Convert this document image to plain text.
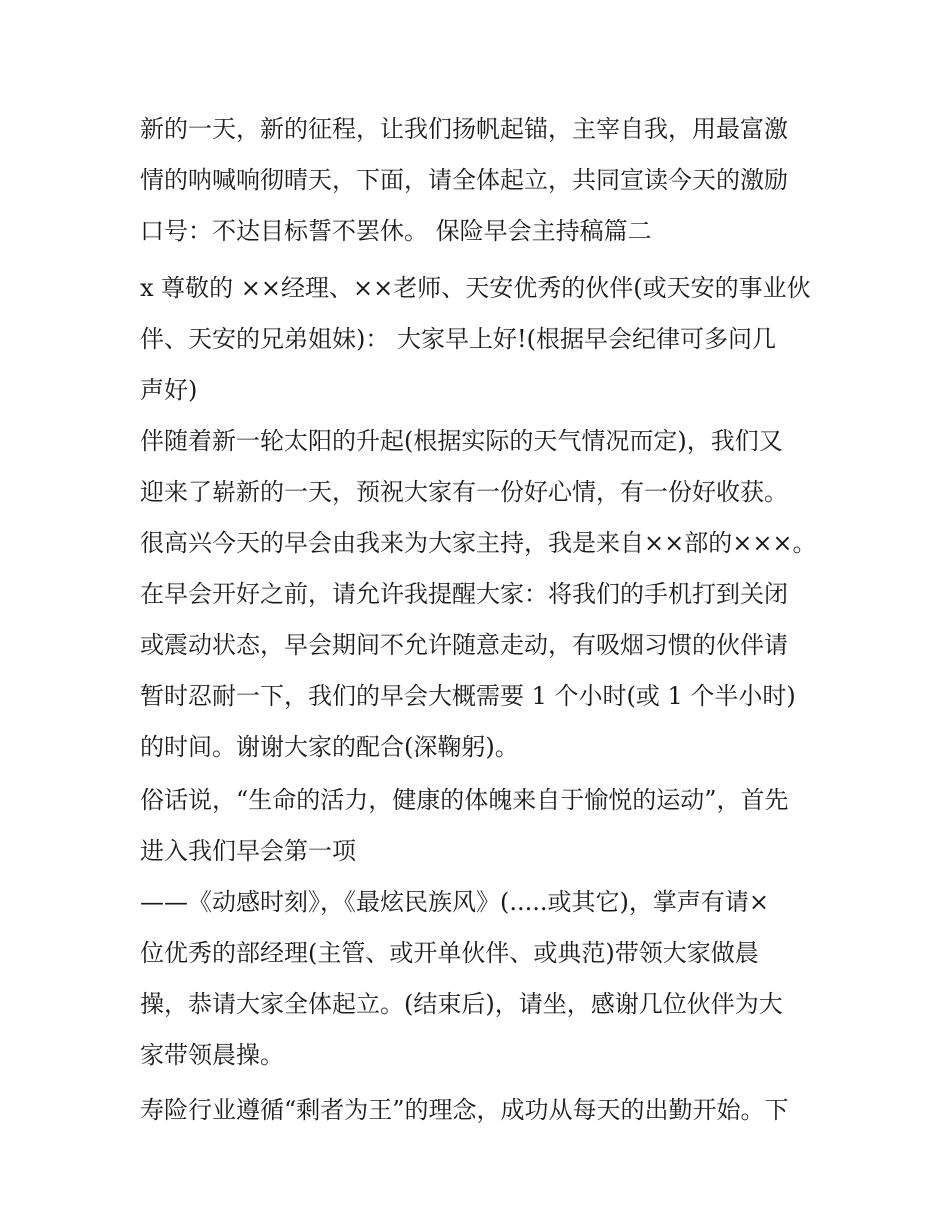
新的一天，新的征程，让我们扬帆起锚，主宰自我，用最富激
情的呐喊响彻晴天，下面，请全体起立，共同宣读今天的激励
口号：不达目标誓不罢休。 保险早会主持稿篇二
x 尊敬的 ××经理、××老师、天安优秀的伙伴(或天安的事业伙
伴、天安的兄弟姐妹)： 大家早上好!(根据早会纪律可多问几
声好)
伴随着新一轮太阳的升起(根据实际的天气情况而定)，我们又
迎来了崭新的一天，预祝大家有一份好心情，有一份好收获。
很高兴今天的早会由我来为大家主持，我是来自××部的×××。
在早会开好之前，请允许我提醒大家：将我们的手机打到关闭
或震动状态，早会期间不允许随意走动，有吸烟习惯的伙伴请
暂时忍耐一下，我们的早会大概需要 1 个小时(或 1 个半小时)
的时间。谢谢大家的配合(深鞠躬)。
俗话说，“生命的活力，健康的体魄来自于愉悦的运动”，首先
进入我们早会第一项
——《动感时刻》，《最炫民族风》(.....或其它)，掌声有请×
位优秀的部经理(主管、或开单伙伴、或典范)带领大家做晨
操，恭请大家全体起立。(结束后)，请坐，感谢几位伙伴为大
家带领晨操。
寿险行业遵循“剩者为王”的理念，成功从每天的出勤开始。下
